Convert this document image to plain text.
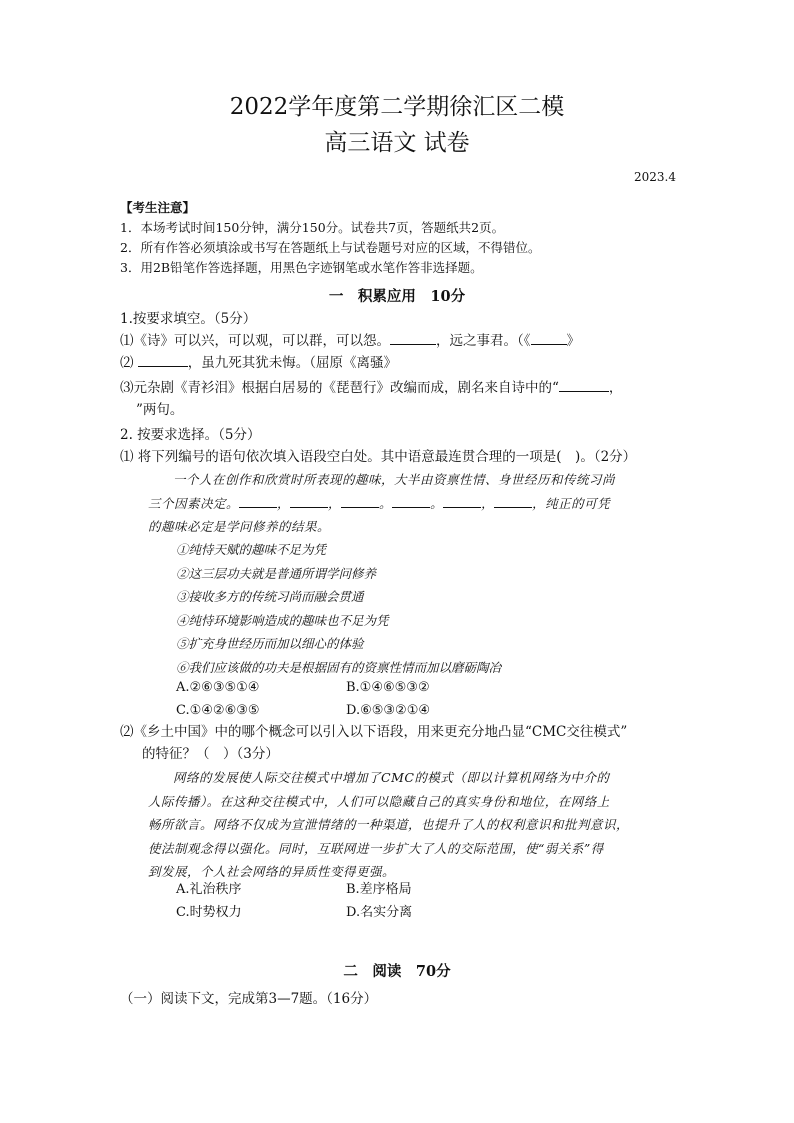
2022学年度第二学期徐汇区二模
高三语文 试卷
2023.4
【考生注意】
1．本场考试时间150分钟，满分150分。试卷共7页，答题纸共2页。
2．所有作答必须填涂或书写在答题纸上与试卷题号对应的区域，不得错位。
3．用2B铅笔作答选择题，用黑色字迹钢笔或水笔作答非选择题。
一　积累应用　10分
1.按要求填空。（5分）
⑴《诗》可以兴，可以观，可以群，可以怨。	，远之事君。（《	》
⑵	，虽九死其犹未悔。（屈原《离骚》
⑶元杂剧《青衫泪》根据白居易的《琵琶行》改编而成，剧名来自诗中的“	，
”两句。
2. 按要求选择。（5分）
⑴ 将下列编号的语句依次填入语段空白处。其中语意最连贯合理的一项是(　)。（2分）
一个人在创作和欣赏时所表现的趣味，大半由资禀性情、身世经历和传统习尚
三个因素决定。	，	，	。	。	，	，纯正的可凭
的趣味必定是学问修养的结果。
①纯恃天赋的趣味不足为凭
②这三层功夫就是普通所谓学问修养
③接收多方的传统习尚而融会贯通
④纯恃环境影响造成的趣味也不足为凭
⑤扩充身世经历而加以细心的体验
⑥我们应该做的功夫是根据固有的资禀性情而加以磨砺陶冶
A.②⑥③⑤①④	B.①④⑥⑤③②
C.①④②⑥③⑤	D.⑥⑤③②①④
⑵《乡土中国》中的哪个概念可以引入以下语段，用来更充分地凸显“CMC交往模式”
的特征？（　）（3分）
网络的发展使人际交往模式中增加了CMC的模式（即以计算机网络为中介的
人际传播）。在这种交往模式中，人们可以隐藏自己的真实身份和地位，在网络上
畅所欲言。网络不仅成为宣泄情绪的一种渠道，也提升了人的权利意识和批判意识，
使法制观念得以强化。同时，互联网进一步扩大了人的交际范围，使“弱关系”得
到发展，个人社会网络的异质性变得更强。
A.礼治秩序	B.差序格局
C.时势权力	D.名实分离
二　阅读　70分
（一）阅读下文，完成第3—7题。（16分）
